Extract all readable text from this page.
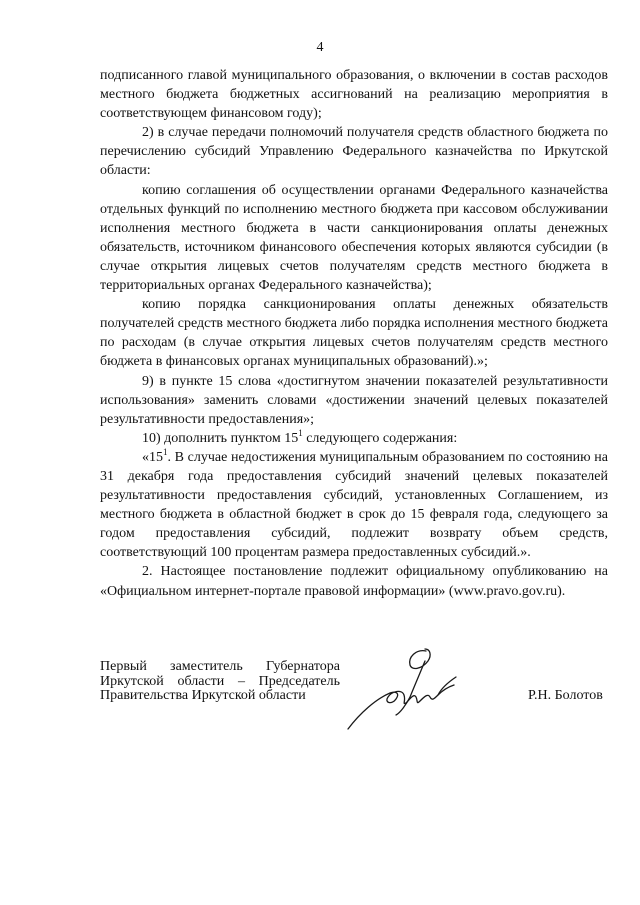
4

подписанного главой муниципального образования, о включении в состав расходов местного бюджета бюджетных ассигнований на реализацию мероприятия в соответствующем финансовом году);

2) в случае передачи полномочий получателя средств областного бюджета по перечислению субсидий Управлению Федерального казначейства по Иркутской области:

копию соглашения об осуществлении органами Федерального казначейства отдельных функций по исполнению местного бюджета при кассовом обслуживании исполнения местного бюджета в части санкционирования оплаты денежных обязательств, источником финансового обеспечения которых являются субсидии (в случае открытия лицевых счетов получателям средств местного бюджета в территориальных органах Федерального казначейства);

копию порядка санкционирования оплаты денежных обязательств получателей средств местного бюджета либо порядка исполнения местного бюджета по расходам (в случае открытия лицевых счетов получателям средств местного бюджета в финансовых органах муниципальных образований).»;

9) в пункте 15 слова «достигнутом значении показателей результативности использования» заменить словами «достижении значений целевых показателей результативности предоставления»;

10) дополнить пунктом $15^1$ следующего содержания:

«$15^1$. В случае недостижения муниципальным образованием по состоянию на 31 декабря года предоставления субсидий значений целевых показателей результативности предоставления субсидий, установленных Соглашением, из местного бюджета в областной бюджет в срок до 15 февраля года, следующего за годом предоставления субсидий, подлежит возврату объем средств, соответствующий 100 процентам размера предоставленных субсидий.».

2. Настоящее постановление подлежит официальному опубликованию на «Официальном интернет-портале правовой информации» (www.pravo.gov.ru).

Первый заместитель Губернатора
Иркутской области – Председатель
Правительства Иркутской области	Р.Н. Болотов
